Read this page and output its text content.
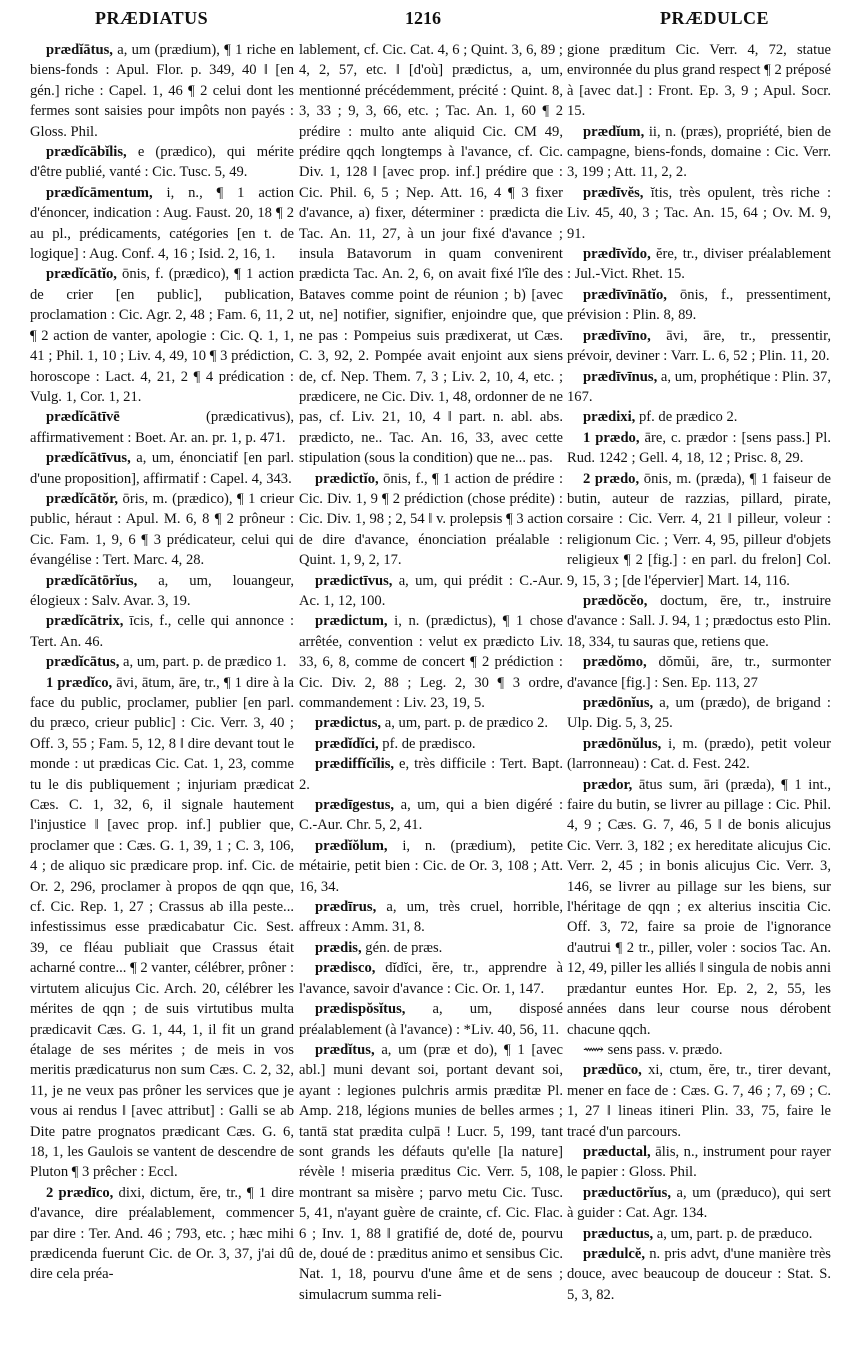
PRÆDIATUS	1216	PRÆDULCE

prædĭātus, a, um (prædium), ¶ 1 riche en biens-fonds : Apul. Flor. p. 349, 40 ‖ [en gén.] riche : Capel. 1, 46 ¶ 2 celui dont les fermes sont saisies pour impôts non payés : Gloss. Phil.

prædĭcābĭlis, e (prædico), qui mérite d'être publié, vanté : Cic. Tusc. 5, 49.

prædĭcāmentum, i, n., ¶ 1 action d'énoncer, indication : Aug. Faust. 20, 18 ¶ 2 au pl., prédicaments, catégories [en t. de logique] : Aug. Conf. 4, 16 ; Isid. 2, 16, 1.

prædĭcātĭo, ōnis, f. (prædico), ¶ 1 action de crier [en public], publication, proclamation : Cic. Agr. 2, 48 ; Fam. 6, 11, 2 ¶ 2 action de vanter, apologie : Cic. Q. 1, 1, 41 ; Phil. 1, 10 ; Liv. 4, 49, 10 ¶ 3 prédiction, horoscope : Lact. 4, 21, 2 ¶ 4 prédication : Vulg. 1, Cor. 1, 21.

prædĭcātīvē (prædicativus), affirmativement : Boet. Ar. an. pr. 1, p. 471.

prædĭcātīvus, a, um, énonciatif [en parl. d'une proposition], affirmatif : Capel. 4, 343.

prædĭcātŏr, ōris, m. (prædico), ¶ 1 crieur public, héraut : Apul. M. 6, 8 ¶ 2 prôneur : Cic. Fam. 1, 9, 6 ¶ 3 prédicateur, celui qui évangélise : Tert. Marc. 4, 28.

prædĭcātōrĭus, a, um, louangeur, élogieux : Salv. Avar. 3, 19.

prædĭcātrix, īcis, f., celle qui annonce : Tert. An. 46.

prædĭcātus, a, um, part. p. de prædico 1.

1 prædĭco, āvi, ātum, āre, tr., ¶ 1 dire à la face du public, proclamer, publier [en parl. du præco, crieur public] : Cic. Verr. 3, 40 ; Off. 3, 55 ; Fam. 5, 12, 8 ‖ dire devant tout le monde : ut prædicas Cic. Cat. 1, 23, comme tu le dis publiquement ; injuriam prædicat Cæs. C. 1, 32, 6, il signale hautement l'injustice ‖ [avec prop. inf.] publier que, proclamer que : Cæs. G. 1, 39, 1 ; C. 3, 106, 4 ; de aliquo sic prædicare prop. inf. Cic. de Or. 2, 296, proclamer à propos de qqn que, cf. Cic. Rep. 1, 27 ; Crassus ab illa peste... infestissimus esse prædicabatur Cic. Sest. 39, ce fléau publiait que Crassus était acharné contre... ¶ 2 vanter, célébrer, prôner : virtutem alicujus Cic. Arch. 20, célébrer les mérites de qqn ; de suis virtutibus multa prædicavit Cæs. G. 1, 44, 1, il fit un grand étalage de ses mérites ; de meis in vos meritis prædicaturus non sum Cæs. C. 2, 32, 11, je ne veux pas prôner les services que je vous ai rendus ‖ [avec attribut] : Galli se ab Dite patre prognatos prædicant Cæs. G. 6, 18, 1, les Gaulois se vantent de descendre de Pluton ¶ 3 prêcher : Eccl.

2 prædīco, dixi, dictum, ĕre, tr., ¶ 1 dire d'avance, dire préalablement, commencer par dire : Ter. And. 46 ; 793, etc. ; hæc mihi prædicenda fuerunt Cic. de Or. 3, 37, j'ai dû dire cela préa-

lablement, cf. Cic. Cat. 4, 6 ; Quint. 3, 6, 89 ; 4, 2, 57, etc. ‖ [d'où] prædictus, a, um, mentionné précédemment, précité : Quint. 8, 3, 33 ; 9, 3, 66, etc. ; Tac. An. 1, 60 ¶ 2 prédire : multo ante aliquid Cic. CM 49, prédire qqch longtemps à l'avance, cf. Cic. Div. 1, 128 ‖ [avec prop. inf.] prédire que : Cic. Phil. 6, 5 ; Nep. Att. 16, 4 ¶ 3 fixer d'avance, a) fixer, déterminer : prædicta die Tac. An. 11, 27, à un jour fixé d'avance ; insula Batavorum in quam convenirent prædicta Tac. An. 2, 6, on avait fixé l'île des Bataves comme point de réunion ; b) [avec ut, ne] notifier, signifier, enjoindre que, que ne pas : Pompeius suis prædixerat, ut Cæs. C. 3, 92, 2. Pompée avait enjoint aux siens de, cf. Nep. Them. 7, 3 ; Liv. 2, 10, 4, etc. ; prædicere, ne Cic. Div. 1, 48, ordonner de ne pas, cf. Liv. 21, 10, 4 ‖ part. n. abl. abs. prædicto, ne.. Tac. An. 16, 33, avec cette stipulation (sous la condition) que ne... pas.

prædictĭo, ōnis, f., ¶ 1 action de prédire : Cic. Div. 1, 9 ¶ 2 prédiction (chose prédite) : Cic. Div. 1, 98 ; 2, 54 ‖ v. prolepsis ¶ 3 action de dire d'avance, énonciation préalable : Quint. 1, 9, 2, 17.

prædictīvus, a, um, qui prédit : C.-Aur. Ac. 1, 12, 100.

prædictum, i, n. (prædictus), ¶ 1 chose arrêtée, convention : velut ex prædicto Liv. 33, 6, 8, comme de concert ¶ 2 prédiction : Cic. Div. 2, 88 ; Leg. 2, 30 ¶ 3 ordre, commandement : Liv. 23, 19, 5.

prædictus, a, um, part. p. de prædico 2.

prædĭdĭci, pf. de prædisco.

prædiffĭcĭlis, e, très difficile : Tert. Bapt. 2.

prædīgestus, a, um, qui a bien digéré : C.-Aur. Chr. 5, 2, 41.

prædĭŏlum, i, n. (prædium), petite métairie, petit bien : Cic. de Or. 3, 108 ; Att. 16, 34.

prædīrus, a, um, très cruel, horrible, affreux : Amm. 31, 8.

prædis, gén. de præs.

prædisco, dĭdĭci, ĕre, tr., apprendre à l'avance, savoir d'avance : Cic. Or. 1, 147.

prædispŏsĭtus, a, um, disposé préalablement (à l'avance) : *Liv. 40, 56, 11.

prædĭtus, a, um (præ et do), ¶ 1 [avec abl.] muni devant soi, portant devant soi, ayant : legiones pulchris armis præditæ Pl. Amp. 218, légions munies de belles armes ; tantā stat prædita culpā ! Lucr. 5, 199, tant sont grands les défauts qu'elle [la nature] révèle ! miseria præditus Cic. Verr. 5, 108, montrant sa misère ; parvo metu Cic. Tusc. 5, 41, n'ayant guère de crainte, cf. Cic. Flac. 6 ; Inv. 1, 88 ‖ gratifié de, doté de, pourvu de, doué de : præditus animo et sensibus Cic. Nat. 1, 18, pourvu d'une âme et de sens ; simulacrum summa reli-

gione præditum Cic. Verr. 4, 72, statue environnée du plus grand respect ¶ 2 préposé à [avec dat.] : Front. Ep. 3, 9 ; Apul. Socr. 15.

prædĭum, ii, n. (præs), propriété, bien de campagne, biens-fonds, domaine : Cic. Verr. 3, 199 ; Att. 11, 2, 2.

prædīvĕs, ĭtis, très opulent, très riche : Liv. 45, 40, 3 ; Tac. An. 15, 64 ; Ov. M. 9, 91.

prædīvĭdo, ĕre, tr., diviser préalablement : Jul.-Vict. Rhet. 15.

prædīvīnātĭo, ōnis, f., pressentiment, prévision : Plin. 8, 89.

prædīvīno, āvi, āre, tr., pressentir, prévoir, deviner : Varr. L. 6, 52 ; Plin. 11, 20.

prædīvīnus, a, um, prophétique : Plin. 37, 167.

prædixi, pf. de prædico 2.

1 prædo, āre, c. prædor : [sens pass.] Pl. Rud. 1242 ; Gell. 4, 18, 12 ; Prisc. 8, 29.

2 prædo, ōnis, m. (præda), ¶ 1 faiseur de butin, auteur de razzias, pillard, pirate, corsaire : Cic. Verr. 4, 21 ‖ pilleur, voleur : religionum Cic. ; Verr. 4, 95, pilleur d'objets religieux ¶ 2 [fig.] : en parl. du frelon] Col. 9, 15, 3 ; [de l'épervier] Mart. 14, 116.

prædŏcĕo, doctum, ēre, tr., instruire d'avance : Sall. J. 94, 1 ; prædoctus esto Plin. 18, 334, tu sauras que, retiens que.

prædŏmo, dŏmŭi, āre, tr., surmonter d'avance [fig.] : Sen. Ep. 113, 27

prædōnĭus, a, um (prædo), de brigand : Ulp. Dig. 5, 3, 25.

prædōnŭlus, i, m. (prædo), petit voleur (larronneau) : Cat. d. Fest. 242.

prædor, ātus sum, āri (præda), ¶ 1 int., faire du butin, se livrer au pillage : Cic. Phil. 4, 9 ; Cæs. G. 7, 46, 5 ‖ de bonis alicujus Cic. Verr. 3, 182 ; ex hereditate alicujus Cic. Verr. 2, 45 ; in bonis alicujus Cic. Verr. 3, 146, se livrer au pillage sur les biens, sur l'héritage de qqn ; ex alterius inscitia Cic. Off. 3, 72, faire sa proie de l'ignorance d'autrui ¶ 2 tr., piller, voler : socios Tac. An. 12, 49, piller les alliés ‖ singula de nobis anni prædantur euntes Hor. Ep. 2, 2, 55, les années dans leur course nous dérobent chacune qqch.

⟿ sens pass. v. prædo.

prædūco, xi, ctum, ĕre, tr., tirer devant, mener en face de : Cæs. G. 7, 46 ; 7, 69 ; C. 1, 27 ‖ lineas itineri Plin. 33, 75, faire le tracé d'un parcours.

præductal, ālis, n., instrument pour rayer le papier : Gloss. Phil.

præductōrĭus, a, um (præduco), qui sert à guider : Cat. Agr. 134.

præductus, a, um, part. p. de præduco.

prædulcĕ, n. pris advt, d'une manière très douce, avec beaucoup de douceur : Stat. S. 5, 3, 82.
